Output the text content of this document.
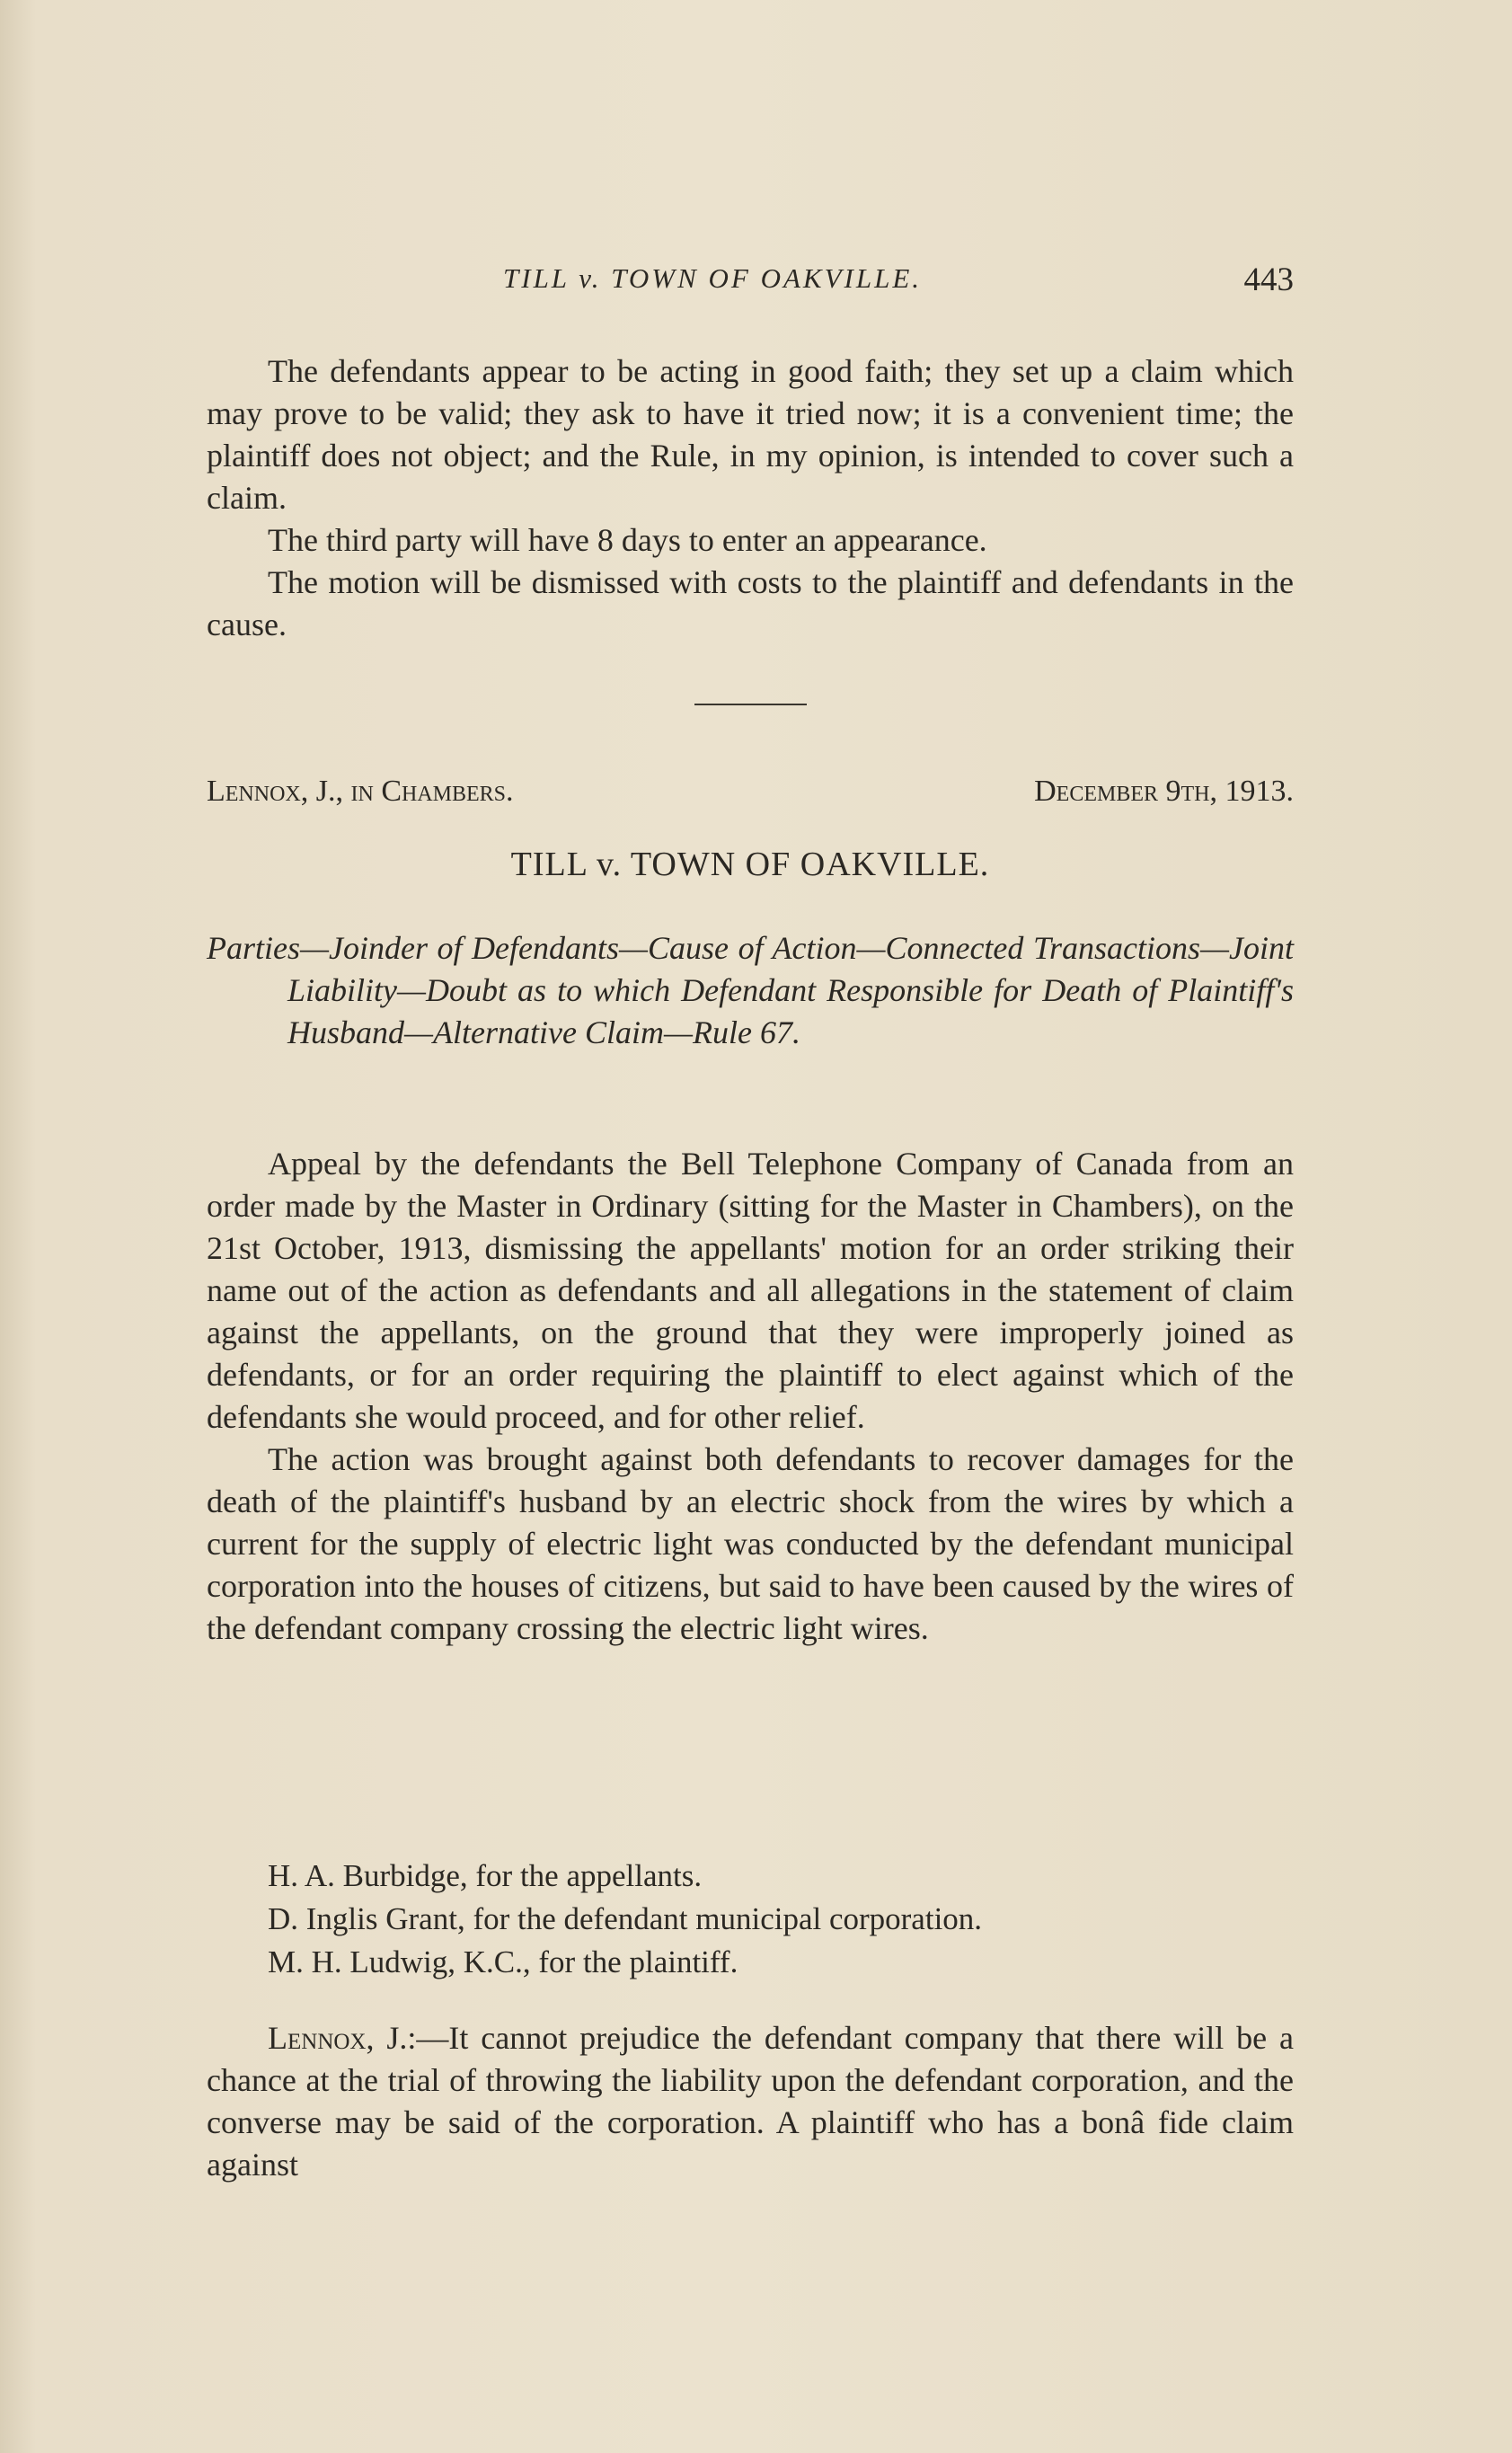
TILL v. TOWN OF OAKVILLE.	443

The defendants appear to be acting in good faith; they set up a claim which may prove to be valid; they ask to have it tried now; it is a convenient time; the plaintiff does not object; and the Rule, in my opinion, is intended to cover such a claim.

The third party will have 8 days to enter an appearance.

The motion will be dismissed with costs to the plaintiff and defendants in the cause.

Lennox, J., in Chambers.	December 9th, 1913.
TILL v. TOWN OF OAKVILLE.

Parties—Joinder of Defendants—Cause of Action—Connected Transactions—Joint Liability—Doubt as to which Defendant Responsible for Death of Plaintiff's Husband—Alternative Claim—Rule 67.

Appeal by the defendants the Bell Telephone Company of Canada from an order made by the Master in Ordinary (sitting for the Master in Chambers), on the 21st October, 1913, dismissing the appellants' motion for an order striking their name out of the action as defendants and all allegations in the statement of claim against the appellants, on the ground that they were improperly joined as defendants, or for an order requiring the plaintiff to elect against which of the defendants she would proceed, and for other relief.

The action was brought against both defendants to recover damages for the death of the plaintiff's husband by an electric shock from the wires by which a current for the supply of electric light was conducted by the defendant municipal corporation into the houses of citizens, but said to have been caused by the wires of the defendant company crossing the electric light wires.

H. A. Burbidge, for the appellants.
D. Inglis Grant, for the defendant municipal corporation.
M. H. Ludwig, K.C., for the plaintiff.

Lennox, J.:—It cannot prejudice the defendant company that there will be a chance at the trial of throwing the liability upon the defendant corporation, and the converse may be said of the corporation. A plaintiff who has a bonâ fide claim against
